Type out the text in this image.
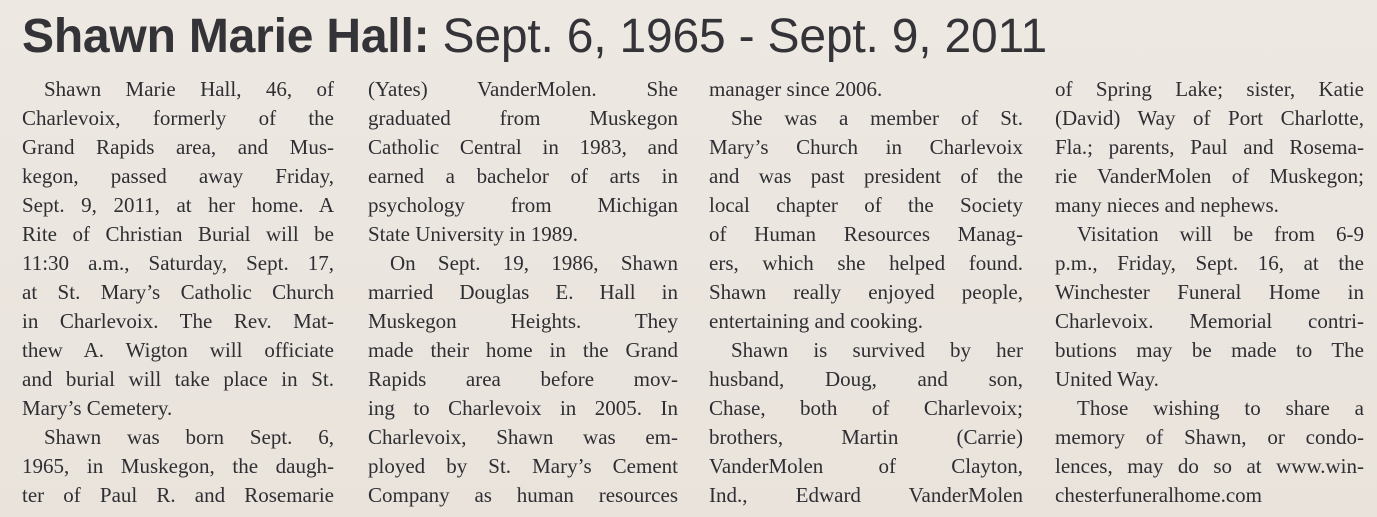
Shawn Marie Hall: Sept. 6, 1965 - Sept. 9, 2011
Shawn Marie Hall, 46, of
Charlevoix, formerly of the
Grand Rapids area, and Mus-
kegon, passed away Friday,
Sept. 9, 2011, at her home. A
Rite of Christian Burial will be
11:30 a.m., Saturday, Sept. 17,
at St. Mary’s Catholic Church
in Charlevoix. The Rev. Mat-
thew A. Wigton will officiate
and burial will take place in St.
Mary’s Cemetery.
Shawn was born Sept. 6,
1965, in Muskegon, the daugh-
ter of Paul R. and Rosemarie
(Yates) VanderMolen. She
graduated from Muskegon
Catholic Central in 1983, and
earned a bachelor of arts in
psychology from Michigan
State University in 1989.
On Sept. 19, 1986, Shawn
married Douglas E. Hall in
Muskegon Heights. They
made their home in the Grand
Rapids area before mov-
ing to Charlevoix in 2005. In
Charlevoix, Shawn was em-
ployed by St. Mary’s Cement
Company as human resources
manager since 2006.
She was a member of St.
Mary’s Church in Charlevoix
and was past president of the
local chapter of the Society
of Human Resources Manag-
ers, which she helped found.
Shawn really enjoyed people,
entertaining and cooking.
Shawn is survived by her
husband, Doug, and son,
Chase, both of Charlevoix;
brothers, Martin (Carrie)
VanderMolen of Clayton,
Ind., Edward VanderMolen
of Spring Lake; sister, Katie
(David) Way of Port Charlotte,
Fla.; parents, Paul and Rosema-
rie VanderMolen of Muskegon;
many nieces and nephews.
Visitation will be from 6-9
p.m., Friday, Sept. 16, at the
Winchester Funeral Home in
Charlevoix. Memorial contri-
butions may be made to The
United Way.
Those wishing to share a
memory of Shawn, or condo-
lences, may do so at www.win-
chesterfuneralhome.com
